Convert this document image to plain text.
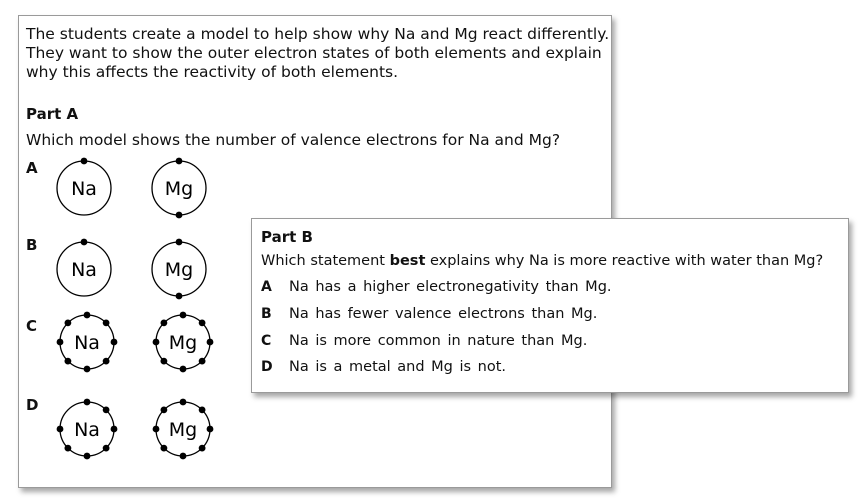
The students create a model to help show why Na and Mg react differently.
They want to show the outer electron states of both elements and explain
why this affects the reactivity of both elements.

Part A
Which model shows the number of valence electrons for Na and Mg?
A
Na	Mg
B
Na	Mg
C
Na	Mg
D
Na	Mg
Part B
Which statement best explains why Na is more reactive with water than Mg?
A Na has a higher electronegativity than Mg.
B Na has fewer valence electrons than Mg.
C Na is more common in nature than Mg.
D Na is a metal and Mg is not.
